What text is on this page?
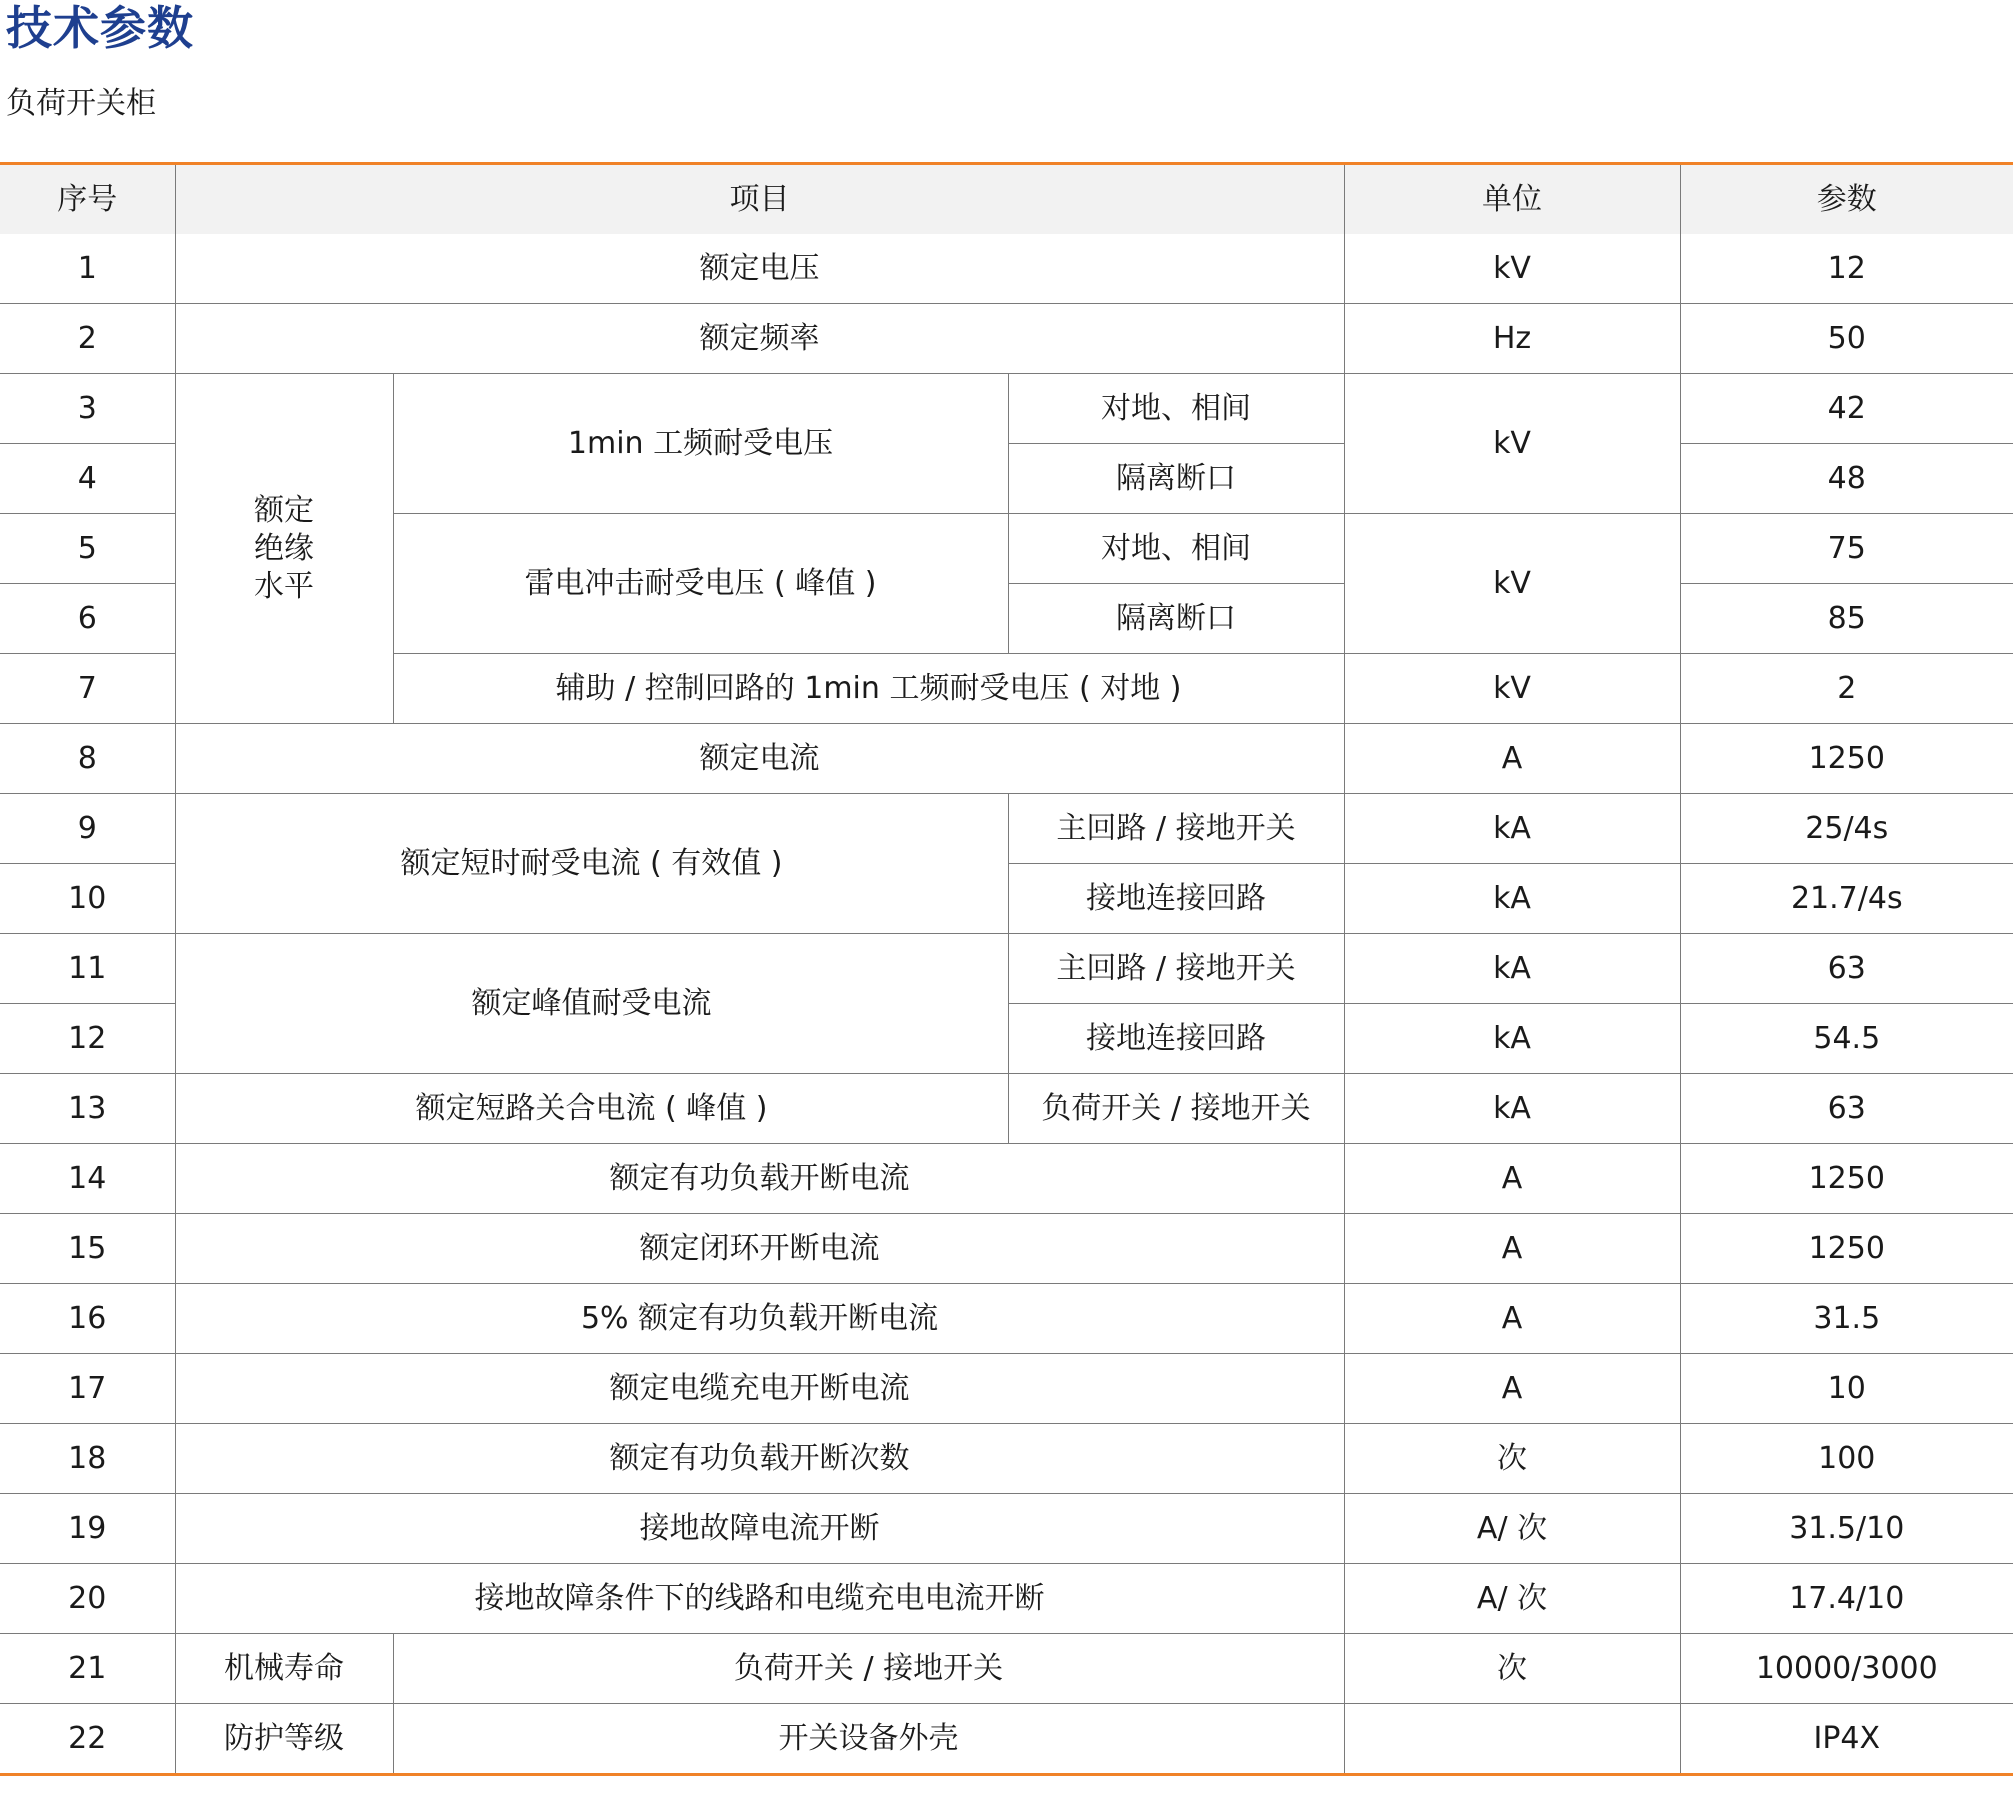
技术参数
负荷开关柜
序号	项目			单位	参数
1	额定电压			kV	12
2	额定频率			Hz	50
3	额定
绝缘
水平	1min 工频耐受电压	对地、相间	kV	42
4			隔离断口		48
5		雷电冲击耐受电压 ( 峰值 )	对地、相间	kV	75
6			隔离断口		85
7		辅助 / 控制回路的 1min 工频耐受电压 ( 对地 )		kV	2
8	额定电流			A	1250
9	额定短时耐受电流 ( 有效值 )		主回路 / 接地开关	kA	25/4s
10			接地连接回路	kA	21.7/4s
11	额定峰值耐受电流		主回路 / 接地开关	kA	63
12			接地连接回路	kA	54.5
13	额定短路关合电流 ( 峰值 )		负荷开关 / 接地开关	kA	63
14	额定有功负载开断电流			A	1250
15	额定闭环开断电流			A	1250
16	5% 额定有功负载开断电流			A	31.5
17	额定电缆充电开断电流			A	10
18	额定有功负载开断次数			次	100
19	接地故障电流开断			A/ 次	31.5/10
20	接地故障条件下的线路和电缆充电电流开断			A/ 次	17.4/10
21	机械寿命	负荷开关 / 接地开关		次	10000/3000
22	防护等级	开关设备外壳			IP4X
